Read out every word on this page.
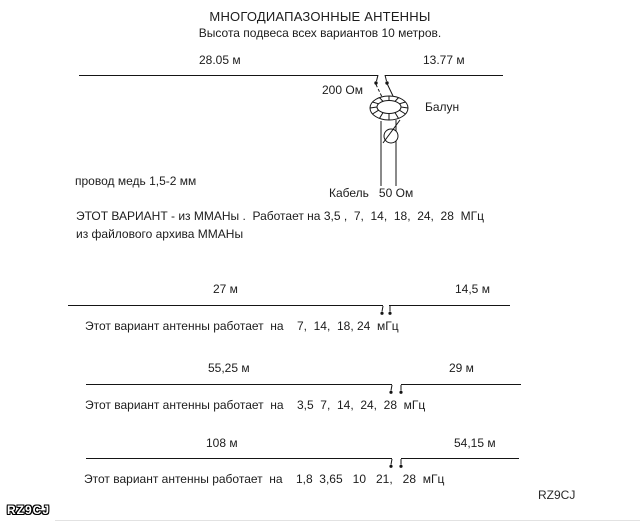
МНОГОДИАПАЗОННЫЕ АНТЕННЫ
Высота подвеса всех вариантов 10 метров.
28.05 м	13.77 м
200 Ом
Балун
провод медь 1,5-2 мм
Кабель   50 Ом
ЭТОТ ВАРИАНТ - из ММАНы .  Работает на 3,5 ,  7,  14,  18,  24,  28  МГц
из файлового архива ММАНы
27 м	14,5 м
Этот вариант антенны работает  на    7,  14,  18, 24  мГц
55,25 м	29 м
Этот вариант антенны работает  на    3,5  7,  14,  24,  28  мГц
108 м	54,15 м
Этот вариант антенны работает  на    1,8  3,65   10   21,   28  мГц
RZ9CJ
RZ9CJ
